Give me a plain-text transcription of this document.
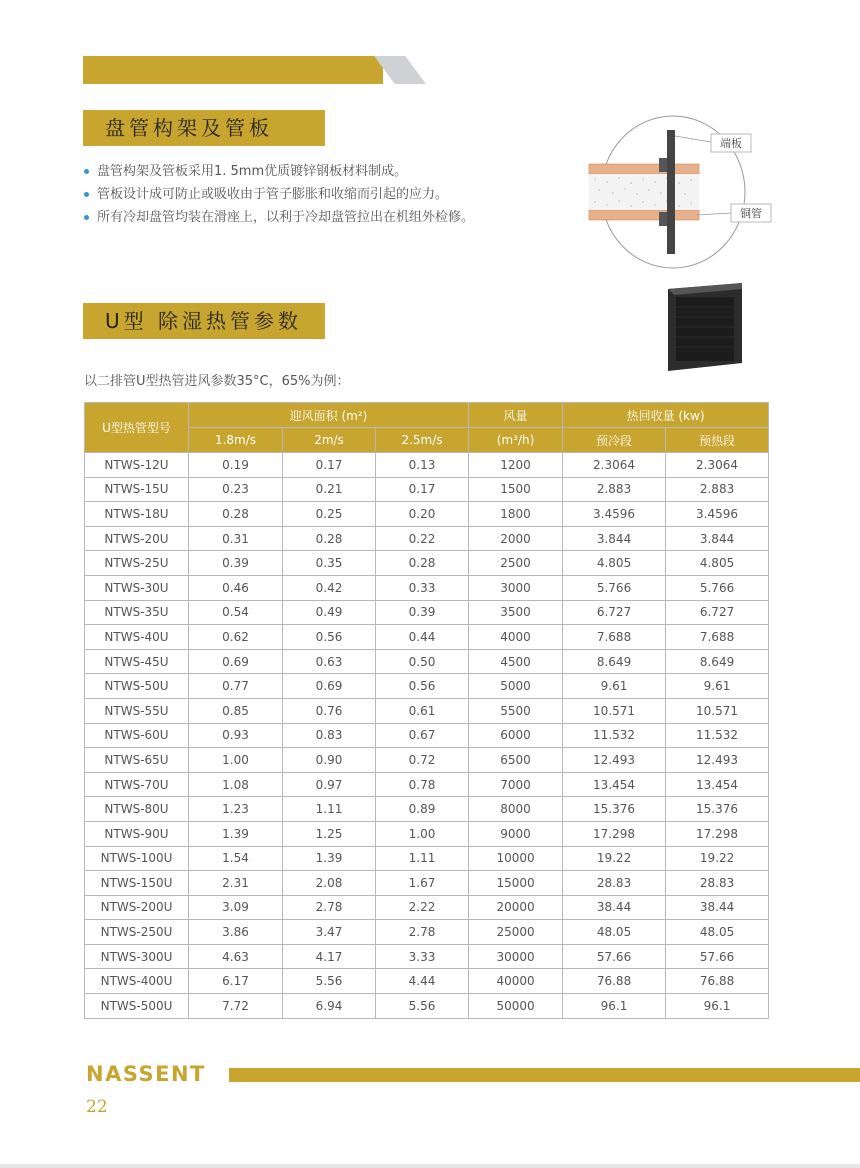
盘管构架及管板
盘管构架及管板采用1. 5mm优质镀锌钢板材料制成。
管板设计成可防止或吸收由于管子膨胀和收缩而引起的应力。
所有冷却盘管均装在滑座上，以利于冷却盘管拉出在机组外检修。
端板
铜管
U型 除湿热管参数
以二排管U型热管进风参数35°C，65%为例：
U型热管型号	迎风面积 (m²)			风量	热回收量 (kw)	
	1.8m/s	2m/s	2.5m/s	(m³/h)	预冷段	预热段
NTWS-12U	0.19	0.17	0.13	1200	2.3064	2.3064
NTWS-15U	0.23	0.21	0.17	1500	2.883	2.883
NTWS-18U	0.28	0.25	0.20	1800	3.4596	3.4596
NTWS-20U	0.31	0.28	0.22	2000	3.844	3.844
NTWS-25U	0.39	0.35	0.28	2500	4.805	4.805
NTWS-30U	0.46	0.42	0.33	3000	5.766	5.766
NTWS-35U	0.54	0.49	0.39	3500	6.727	6.727
NTWS-40U	0.62	0.56	0.44	4000	7.688	7.688
NTWS-45U	0.69	0.63	0.50	4500	8.649	8.649
NTWS-50U	0.77	0.69	0.56	5000	9.61	9.61
NTWS-55U	0.85	0.76	0.61	5500	10.571	10.571
NTWS-60U	0.93	0.83	0.67	6000	11.532	11.532
NTWS-65U	1.00	0.90	0.72	6500	12.493	12.493
NTWS-70U	1.08	0.97	0.78	7000	13.454	13.454
NTWS-80U	1.23	1.11	0.89	8000	15.376	15.376
NTWS-90U	1.39	1.25	1.00	9000	17.298	17.298
NTWS-100U	1.54	1.39	1.11	10000	19.22	19.22
NTWS-150U	2.31	2.08	1.67	15000	28.83	28.83
NTWS-200U	3.09	2.78	2.22	20000	38.44	38.44
NTWS-250U	3.86	3.47	2.78	25000	48.05	48.05
NTWS-300U	4.63	4.17	3.33	30000	57.66	57.66
NTWS-400U	6.17	5.56	4.44	40000	76.88	76.88
NTWS-500U	7.72	6.94	5.56	50000	96.1	96.1
NASSENT
22
